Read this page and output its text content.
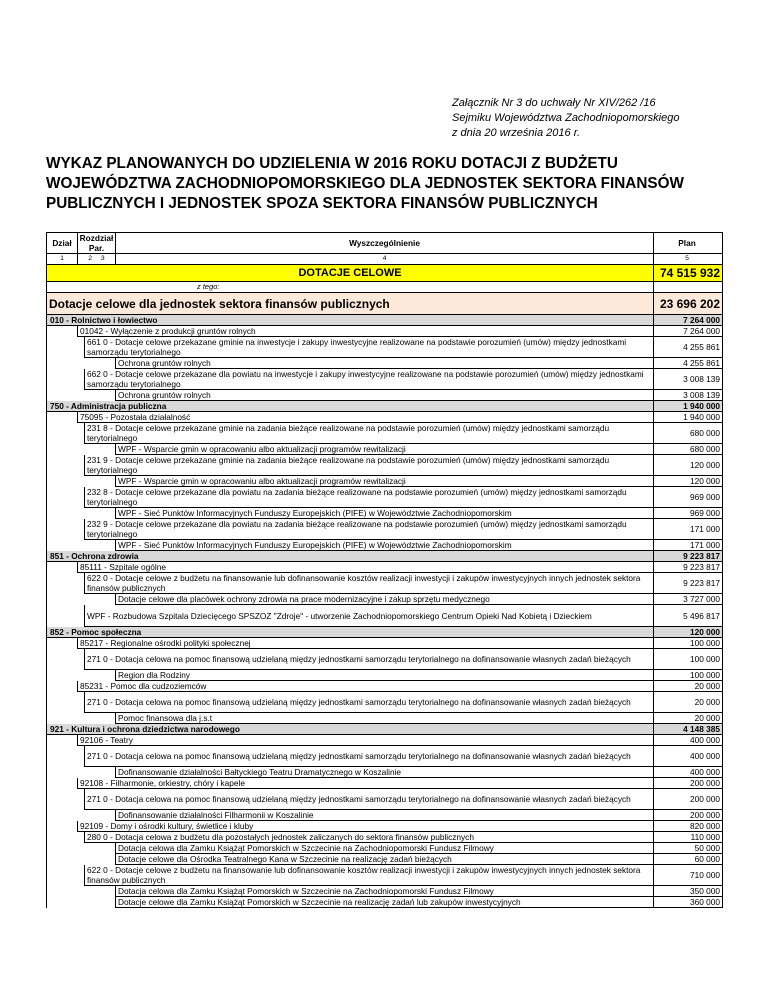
Załącznik Nr 3 do uchwały Nr XIV/262 /16
Sejmiku Województwa Zachodniopomorskiego
z dnia 20 września 2016 r.
WYKAZ PLANOWANYCH DO UDZIELENIA W 2016 ROKU DOTACJI Z BUDŻETU
WOJEWÓDZTWA ZACHODNIOPOMORSKIEGO DLA JEDNOSTEK SEKTORA FINANSÓW
PUBLICZNYCH I JEDNOSTEK SPOZA SEKTORA FINANSÓW PUBLICZNYCH
Dział	Rozdział Par.		Wyszczególnienie	Plan
1	2 3		4	5
DOTACJE CELOWE				74 515 932
z tego:				
Dotacje celowe dla jednostek sektora finansów publicznych				23 696 202
010 - Rolnictwo i łowiectwo				7 264 000
	01042 - Wyłączenie z produkcji gruntów rolnych			7 264 000
		661 0 - Dotacje celowe przekazane gminie na inwestycje i zakupy inwestycyjne realizowane na podstawie porozumień (umów) między jednostkami samorządu terytorialnego		4 255 861
			Ochrona gruntów rolnych	4 255 861
		662 0 - Dotacje celowe przekazane dla powiatu na inwestycje i zakupy inwestycyjne realizowane na podstawie porozumień (umów) między jednostkami samorządu terytorialnego		3 008 139
			Ochrona gruntów rolnych	3 008 139
750 - Administracja publiczna				1 940 000
	75095 - Pozostała działalność			1 940 000
		231 8 - Dotacje celowe przekazane gminie na zadania bieżące realizowane na podstawie porozumień (umów) między jednostkami samorządu terytorialnego		680 000
			WPF - Wsparcie gmin w opracowaniu albo aktualizacji programów rewitalizacji	680 000
		231 9 - Dotacje celowe przekazane gminie na zadania bieżące realizowane na podstawie porozumień (umów) między jednostkami samorządu terytorialnego		120 000
			WPF - Wsparcie gmin w opracowaniu albo aktualizacji programów rewitalizacji	120 000
		232 8 - Dotacje celowe przekazane dla powiatu na zadania bieżące realizowane na podstawie porozumień (umów) między jednostkami samorządu terytorialnego		969 000
			WPF - Sieć Punktów Informacyjnych Funduszy Europejskich (PIFE) w Województwie Zachodniopomorskim	969 000
		232 9 - Dotacje celowe przekazane dla powiatu na zadania bieżące realizowane na podstawie porozumień (umów) między jednostkami samorządu terytorialnego		171 000
			WPF - Sieć Punktów Informacyjnych Funduszy Europejskich (PIFE) w Województwie Zachodniopomorskim	171 000
851 - Ochrona zdrowia				9 223 817
	85111 - Szpitale ogólne			9 223 817
		622 0 - Dotacje celowe z budżetu na finansowanie lub dofinansowanie kosztów realizacji inwestycji i zakupów inwestycyjnych innych jednostek sektora finansów publicznych		9 223 817
			Dotacje celowe dla placówek ochrony zdrowia na prace modernizacyjne i zakup sprzętu medycznego	3 727 000
		WPF - Rozbudowa Szpitala Dziecięcego SPSZOZ "Zdroje" - utworzenie Zachodniopomorskiego Centrum Opieki Nad Kobietą i Dzieckiem		5 496 817
852 - Pomoc społeczna				120 000
	85217 - Regionalne ośrodki polityki społecznej			100 000
		271 0 - Dotacja celowa na pomoc finansową udzielaną między jednostkami samorządu terytorialnego na dofinansowanie własnych zadań bieżących		100 000
			Region dla Rodziny	100 000
	85231 - Pomoc dla cudzoziemców			20 000
		271 0 - Dotacja celowa na pomoc finansową udzielaną między jednostkami samorządu terytorialnego na dofinansowanie własnych zadań bieżących		20 000
			Pomoc finansowa dla j.s.t	20 000
921 - Kultura i ochrona dziedzictwa narodowego				4 148 385
	92106 - Teatry			400 000
		271 0 - Dotacja celowa na pomoc finansową udzielaną między jednostkami samorządu terytorialnego na dofinansowanie własnych zadań bieżących		400 000
			Dofinansowanie działalności Bałtyckiego Teatru Dramatycznego w Koszalinie	400 000
	92108 - Filharmonie, orkiestry, chóry i kapele			200 000
		271 0 - Dotacja celowa na pomoc finansową udzielaną między jednostkami samorządu terytorialnego na dofinansowanie własnych zadań bieżących		200 000
			Dofinansowanie działalności Filharmonii w Koszalinie	200 000
	92109 - Domy i ośrodki kultury, świetlice i kluby			820 000
		280 0 - Dotacja celowa z budżetu dla pozostałych jednostek zaliczanych do sektora finansów publicznych		110 000
			Dotacja celowa dla Zamku Książąt Pomorskich w Szczecinie na Zachodniopomorski Fundusz Filmowy	50 000
			Dotacje celowe dla Ośrodka Teatralnego Kana w Szczecinie na realizację zadań bieżących	60 000
		622 0 - Dotacje celowe z budżetu na finansowanie lub dofinansowanie kosztów realizacji inwestycji i zakupów inwestycyjnych innych jednostek sektora finansów publicznych		710 000
			Dotacja celowa dla Zamku Książąt Pomorskich w Szczecinie na Zachodniopomorski Fundusz Filmowy	350 000
			Dotacje celowe dla Zamku Książąt Pomorskich w Szczecinie na realizację zadań lub zakupów inwestycyjnych	360 000
